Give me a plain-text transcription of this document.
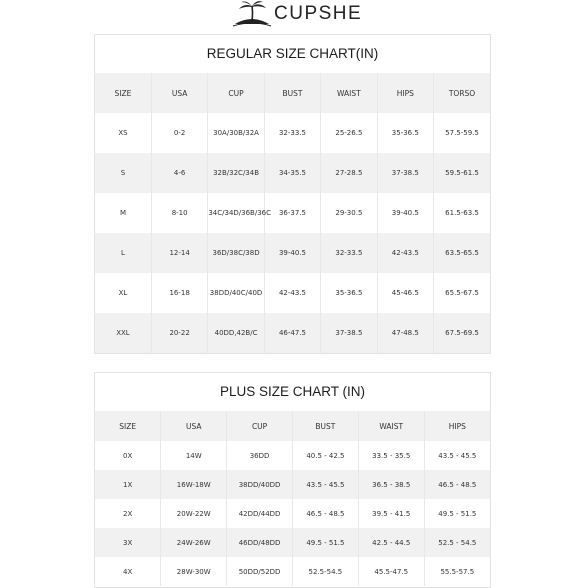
CUPSHE
REGULAR SIZE CHART(IN)
SIZE	USA	CUP	BUST	WAIST	HIPS	TORSO
XS	0-2	30A/30B/32A	32-33.5	25-26.5	35-36.5	57.5-59.5
S	4-6	32B/32C/34B	34-35.5	27-28.5	37-38.5	59.5-61.5
M	8-10	34C/34D/36B/36C	36-37.5	29-30.5	39-40.5	61.5-63.5
L	12-14	36D/38C/38D	39-40.5	32-33.5	42-43.5	63.5-65.5
XL	16-18	38DD/40C/40D	42-43.5	35-36.5	45-46.5	65.5-67.5
XXL	20-22	40DD,42B/C	46-47.5	37-38.5	47-48.5	67.5-69.5
PLUS SIZE CHART (IN)
SIZE	USA	CUP	BUST	WAIST	HIPS
0X	14W	36DD	40.5 - 42.5	33.5 - 35.5	43.5 - 45.5
1X	16W-18W	38DD/40DD	43.5 - 45.5	36.5 - 38.5	46.5 - 48.5
2X	20W-22W	42DD/44DD	46.5 - 48.5	39.5 - 41.5	49.5 - 51.5
3X	24W-26W	46DD/48DD	49.5 - 51.5	42.5 - 44.5	52.5 - 54.5
4X	28W-30W	50DD/52DD	52.5-54.5	45.5-47.5	55.5-57.5
